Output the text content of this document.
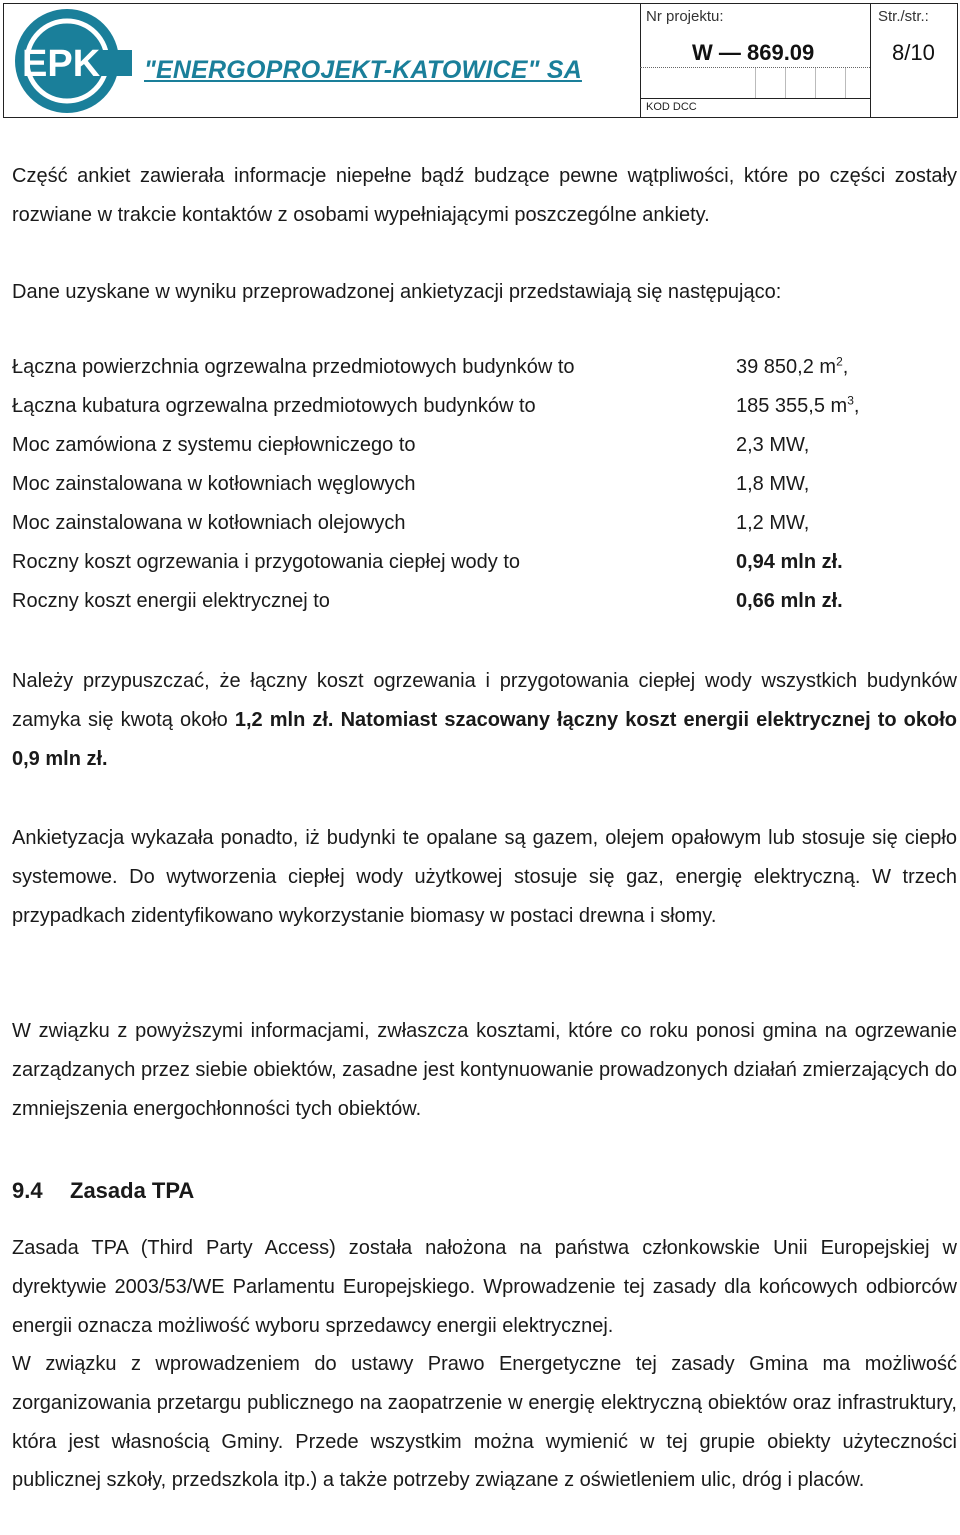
EPK "ENERGOPROJEKT-KATOWICE" SA
Nr projektu:
W — 869.09
KOD DCC
Str./str.:
8/10

Część ankiet zawierała informacje niepełne bądź budzące pewne wątpliwości, które po części zostały rozwiane w trakcie kontaktów z osobami wypełniającymi poszczególne ankiety.

Dane uzyskane w wyniku przeprowadzonej ankietyzacji przedstawiają się następująco:

Łączna powierzchnia ogrzewalna przedmiotowych budynków to	39 850,2 $m^2$,
Łączna kubatura ogrzewalna przedmiotowych budynków to	185 355,5 $m^3$,
Moc zamówiona z systemu ciepłowniczego to	2,3 MW,
Moc zainstalowana w kotłowniach węglowych	1,8 MW,
Moc zainstalowana w kotłowniach olejowych	1,2 MW,
Roczny koszt ogrzewania i przygotowania ciepłej wody to	0,94 mln zł.
Roczny koszt energii elektrycznej to	0,66 mln zł.

Należy przypuszczać, że łączny koszt ogrzewania i przygotowania ciepłej wody wszystkich budynków zamyka się kwotą około 1,2 mln zł. Natomiast szacowany łączny koszt energii elektrycznej to około 0,9 mln zł.

Ankietyzacja wykazała ponadto, iż budynki te opalane są gazem, olejem opałowym lub stosuje się ciepło systemowe. Do wytworzenia ciepłej wody użytkowej stosuje się gaz, energię elektryczną. W trzech przypadkach zidentyfikowano wykorzystanie biomasy w postaci drewna i słomy.

W związku z powyższymi informacjami, zwłaszcza kosztami, które co roku ponosi gmina na ogrzewanie zarządzanych przez siebie obiektów, zasadne jest kontynuowanie prowadzonych działań zmierzających do zmniejszenia energochłonności tych obiektów.

9.4 Zasada TPA

Zasada TPA (Third Party Access) została nałożona na państwa członkowskie Unii Europejskiej w dyrektywie 2003/53/WE Parlamentu Europejskiego. Wprowadzenie tej zasady dla końcowych odbiorców energii oznacza możliwość wyboru sprzedawcy energii elektrycznej.

W związku z wprowadzeniem do ustawy Prawo Energetyczne tej zasady Gmina ma możliwość zorganizowania przetargu publicznego na zaopatrzenie w energię elektryczną obiektów oraz infrastruktury, która jest własnością Gminy. Przede wszystkim można wymienić w tej grupie obiekty użyteczności publicznej szkoły, przedszkola itp.) a także potrzeby związane z oświetleniem ulic, dróg i placów.
